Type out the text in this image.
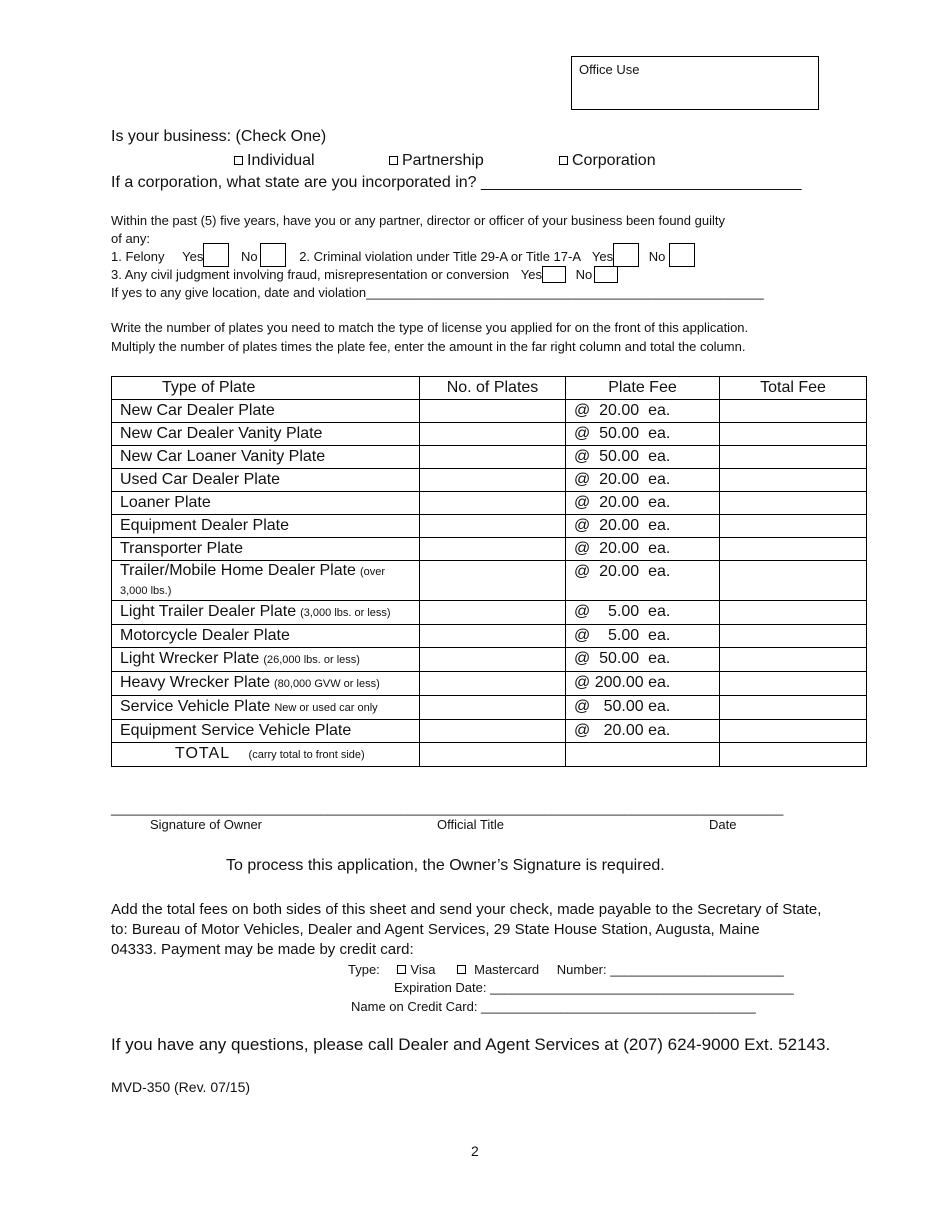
Office Use
Is your business: (Check One)
Individual	Partnership	Corporation
If a corporation, what state are you incorporated in? ____________________________________
Within the past (5) five years, have you or any partner, director or officer of your business been found guilty
of any:
1. Felony Yes	No	2. Criminal violation under Title 29-A or Title 17-A Yes	No
3. Any civil judgment involving fraud, misrepresentation or conversion Yes	No
If yes to any give location, date and violation_______________________________________________________
Write the number of plates you need to match the type of license you applied for on the front of this application.
Multiply the number of plates times the plate fee, enter the amount in the far right column and total the column.
Type of Plate	No. of Plates	Plate Fee	Total Fee
New Car Dealer Plate		@  20.00  ea.	
New Car Dealer Vanity Plate		@  50.00  ea.	
New Car Loaner Vanity Plate		@  50.00  ea.	
Used Car Dealer Plate		@  20.00  ea.	
Loaner Plate		@  20.00  ea.	
Equipment Dealer Plate		@  20.00  ea.	
Transporter Plate		@  20.00  ea.	
Trailer/Mobile Home Dealer Plate (over 3,000 lbs.)		@  20.00  ea.	
Light Trailer Dealer Plate (3,000 lbs. or less)		@    5.00  ea.	
Motorcycle Dealer Plate		@    5.00  ea.	
Light Wrecker Plate (26,000 lbs. or less)		@  50.00  ea.	
Heavy Wrecker Plate (80,000 GVW or less)		@ 200.00 ea.	
Service Vehicle Plate New or used car only		@   50.00 ea.	
Equipment Service Vehicle Plate		@   20.00 ea.	
TOTAL (carry total to front side)			
_____________________________________________________________________________________________
Signature of Owner	Official Title	Date
To process this application, the Owner’s Signature is required.
Add the total fees on both sides of this sheet and send your check, made payable to the Secretary of State,
to: Bureau of Motor Vehicles, Dealer and Agent Services, 29 State House Station, Augusta, Maine
04333. Payment may be made by credit card:
Type: Visa	Mastercard Number: ________________________
Expiration Date: __________________________________________
Name on Credit Card: ______________________________________
If you have any questions, please call Dealer and Agent Services at (207) 624-9000 Ext. 52143.
MVD-350 (Rev. 07/15)
2
